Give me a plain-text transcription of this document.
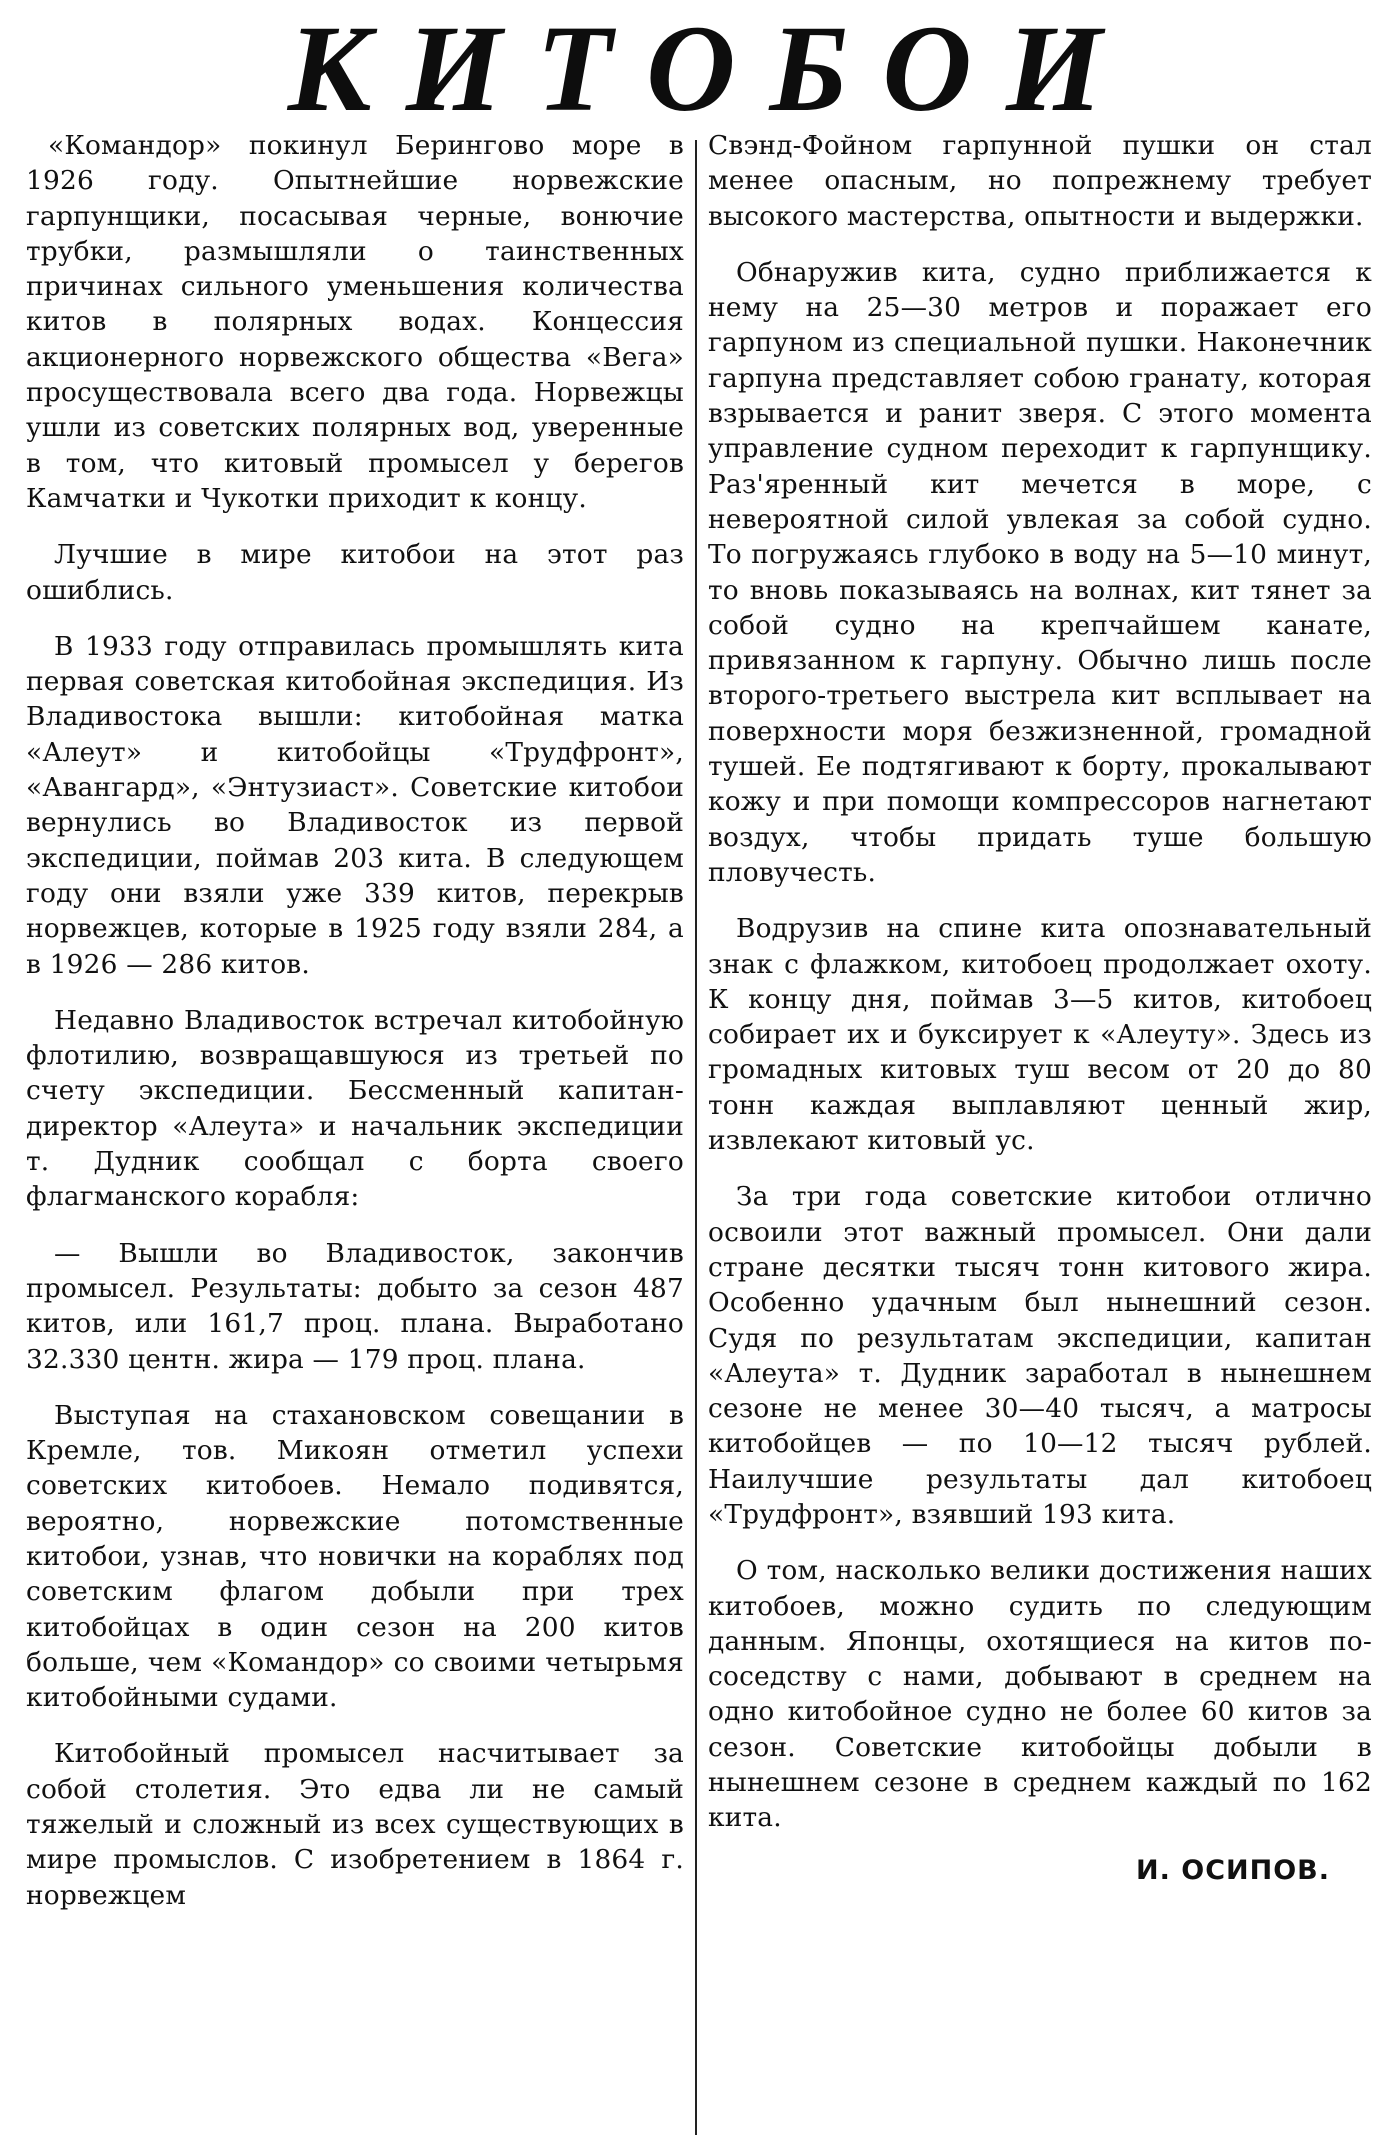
КИТОБОИ

«Командор» покинул Берингово море в 1926 году. Опытнейшие норвежские гарпунщики, посасывая черные, вонючие трубки, размышляли о таинственных причинах сильного уменьшения количества китов в полярных водах. Концессия акционерного норвежского общества «Вега» просуществовала всего два года. Норвежцы ушли из советских полярных вод, уверенные в том, что китовый промысел у берегов Камчатки и Чукотки приходит к концу.

Лучшие в мире китобои на этот раз ошиблись.

В 1933 году отправилась промышлять кита первая советская китобойная экспедиция. Из Владивостока вышли: китобойная матка «Алеут» и китобойцы «Трудфронт», «Авангард», «Энтузиаст». Советские китобои вернулись во Владивосток из первой экспедиции, поймав 203 кита. В следующем году они взяли уже 339 китов, перекрыв норвежцев, которые в 1925 году взяли 284, а в 1926 — 286 китов.

Недавно Владивосток встречал китобойную флотилию, возвращавшуюся из третьей по счету экспедиции. Бессменный капитан-директор «Алеута» и начальник экспедиции т. Дудник сообщал с борта своего флагманского корабля:

— Вышли во Владивосток, закончив промысел. Результаты: добыто за сезон 487 китов, или 161,7 проц. плана. Выработано 32.330 центн. жира — 179 проц. плана.

Выступая на стахановском совещании в Кремле, тов. Микоян отметил успехи советских китобоев. Немало подивятся, вероятно, норвежские потомственные китобои, узнав, что новички на кораблях под советским флагом добыли при трех китобойцах в один сезон на 200 китов больше, чем «Командор» со своими четырьмя китобойными судами.

Китобойный промысел насчитывает за собой столетия. Это едва ли не самый тяжелый и сложный из всех существующих в мире промыслов. С изобретением в 1864 г. норвежцем

Свэнд-Фойном гарпунной пушки он стал менее опасным, но попрежнему требует высокого мастерства, опытности и выдержки.

Обнаружив кита, судно приближается к нему на 25—30 метров и поражает его гарпуном из специальной пушки. Наконечник гарпуна представляет собою гранату, которая взрывается и ранит зверя. С этого момента управление судном переходит к гарпунщику. Раз'яренный кит мечется в море, с невероятной силой увлекая за собой судно. То погружаясь глубоко в воду на 5—10 минут, то вновь показываясь на волнах, кит тянет за собой судно на крепчайшем канате, привязанном к гарпуну. Обычно лишь после второго-третьего выстрела кит всплывает на поверхности моря безжизненной, громадной тушей. Ее подтягивают к борту, прокалывают кожу и при помощи компрессоров нагнетают воздух, чтобы придать туше большую пловучесть.

Водрузив на спине кита опознавательный знак с флажком, китобоец продолжает охоту. К концу дня, поймав 3—5 китов, китобоец собирает их и буксирует к «Алеуту». Здесь из громадных китовых туш весом от 20 до 80 тонн каждая выплавляют ценный жир, извлекают китовый ус.

За три года советские китобои отлично освоили этот важный промысел. Они дали стране десятки тысяч тонн китового жира. Особенно удачным был нынешний сезон. Судя по результатам экспедиции, капитан «Алеута» т. Дудник заработал в нынешнем сезоне не менее 30—40 тысяч, а матросы китобойцев — по 10—12 тысяч рублей. Наилучшие результаты дал китобоец «Трудфронт», взявший 193 кита.

О том, насколько велики достижения наших китобоев, можно судить по следующим данным. Японцы, охотящиеся на китов по-соседству с нами, добывают в среднем на одно китобойное судно не более 60 китов за сезон. Советские китобойцы добыли в нынешнем сезоне в среднем каждый по 162 кита.

И. ОСИПОВ.
